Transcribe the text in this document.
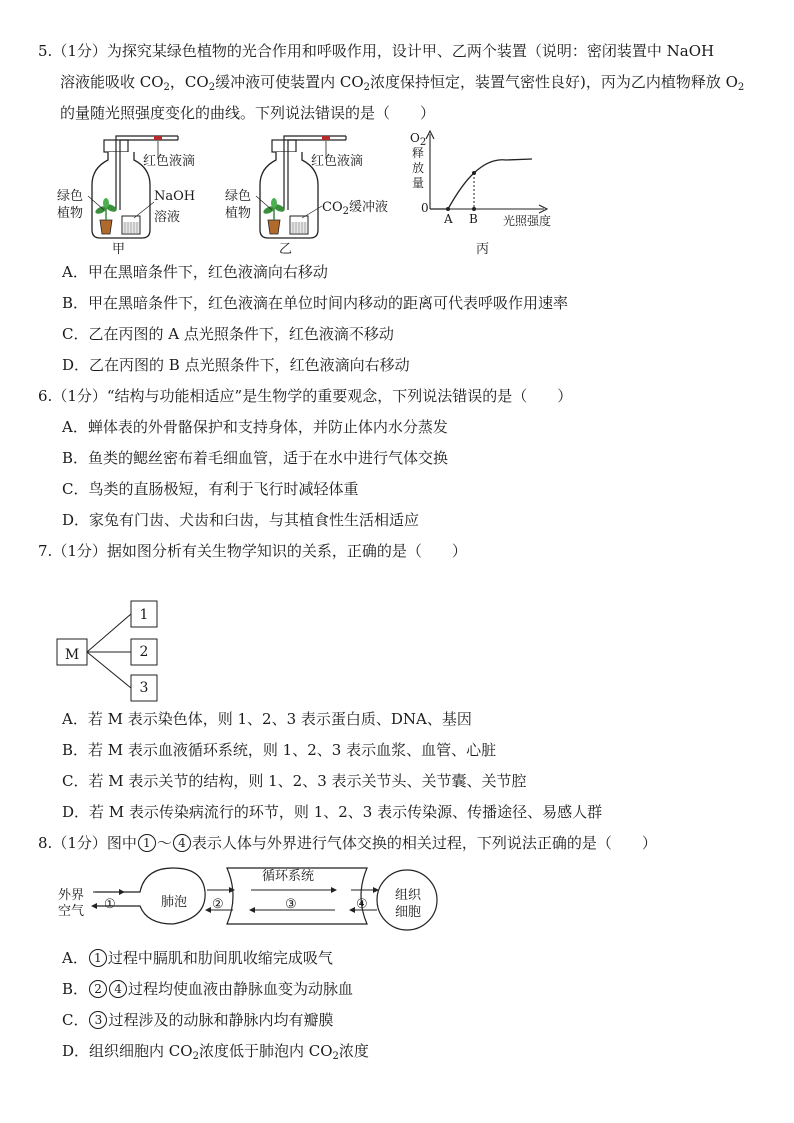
5.（1分）为探究某绿色植物的光合作用和呼吸作用，设计甲、乙两个装置（说明：密闭装置中 NaOH
溶液能吸收 $CO_2$，$CO_2$缓冲液可使装置内 $CO_2$浓度保持恒定，装置气密性良好)，丙为乙内植物释放 $O_2$
的量随光照强度变化的曲线。下列说法错误的是（　　）
红色液滴
绿色
植物
NaOH
溶液
甲
红色液滴
绿色
植物	$CO_2$缓冲液
乙
$O_2$
释
放
量
0
A B 光照强度
丙
A．甲在黑暗条件下，红色液滴向右移动
B．甲在黑暗条件下，红色液滴在单位时间内移动的距离可代表呼吸作用速率
C．乙在丙图的 A 点光照条件下，红色液滴不移动
D．乙在丙图的 B 点光照条件下，红色液滴向右移动
6.（1分）“结构与功能相适应”是生物学的重要观念，下列说法错误的是（　　）
A．蝉体表的外骨骼保护和支持身体，并防止体内水分蒸发
B．鱼类的鳃丝密布着毛细血管，适于在水中进行气体交换
C．鸟类的直肠极短，有利于飞行时减轻体重
D．家兔有门齿、犬齿和臼齿，与其植食性生活相适应
7.（1分）据如图分析有关生物学知识的关系，正确的是（　　）
M
1
2
3
A．若 M 表示染色体，则 1、2、3 表示蛋白质、DNA、基因
B．若 M 表示血液循环系统，则 1、2、3 表示血浆、血管、心脏
C．若 M 表示关节的结构，则 1、2、3 表示关节头、关节囊、关节腔
D．若 M 表示传染病流行的环节，则 1、2、3 表示传染源、传播途径、易感人群
8.（1分）图中 1 ～ 4 表示人体与外界进行气体交换的相关过程，下列说法正确的是（　　）
外界
空气 ①	肺泡 ②
循环系统
③	④
组织
细胞
A． 1 过程中膈肌和肋间肌收缩完成吸气
B． 2 4 过程均使血液由静脉血变为动脉血
C． 3 过程涉及的动脉和静脉内均有瓣膜
D．组织细胞内 $CO_2$浓度低于肺泡内 $CO_2$浓度
